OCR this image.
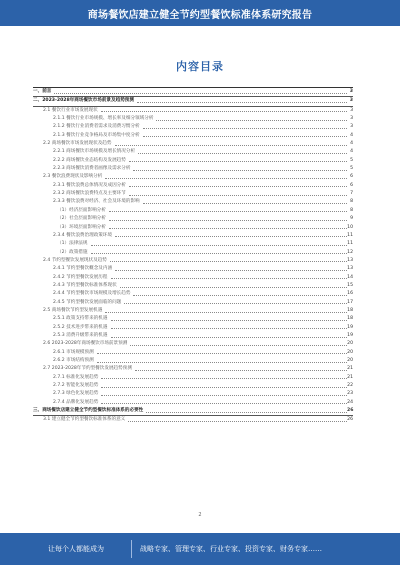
商场餐饮店建立健全节约型餐饮标准体系研究报告
内容目录
一、前言	3
二、2023-2028年商场餐饮市场前景及趋势预测	3
2.1 餐饮行业市场发展现状	3
2.1.1 餐饮行业市场规模、增长率及细分领域分析	3
2.1.2 餐饮行业消费者需求及消费习惯分析	3
2.1.3 餐饮行业竞争格局及市场集中度分析	4
2.2 商场餐饮市场发展现状及趋势	4
2.2.1 商场餐饮市场规模及增长情况分析	4
2.2.2 商场餐饮业态结构及发展趋势	5
2.2.3 商场餐饮消费者画像及需求分析	5
2.3 餐饮浪费现状及影响分析	6
2.3.1 餐饮浪费总体情况及成因分析	6
2.3.2 商场餐饮浪费特点及主要环节	7
2.3.3 餐饮浪费对经济、社会及环境的影响	8
（1）经济层面影响分析	8
（2）社会层面影响分析	9
（3）环境层面影响分析	10
2.3.4 餐饮浪费治理政策环境	11
（1）法律法规	11
（2）政策措施	12
2.4 节约型餐饮发展现状及趋势	13
2.4.1 节约型餐饮概念及内涵	13
2.4.2 节约型餐饮发展历程	14
2.4.3 节约型餐饮标准体系现状	15
2.4.4 节约型餐饮市场规模及增长趋势	16
2.4.5 节约型餐饮发展面临的问题	17
2.5 商场餐饮节约型发展机遇	18
2.5.1 政策支持带来的机遇	18
2.5.2 技术进步带来的机遇	19
2.5.3 消费升级带来的机遇	19
2.6 2023-2028年商场餐饮市场前景预测	20
2.6.1 市场规模预测	20
2.6.2 市场结构预测	20
2.7 2023-2028年节约型餐饮发展趋势预测	21
2.7.1 标准化发展趋势	21
2.7.2 智能化发展趋势	22
2.7.3 绿色化发展趋势	23
2.7.4 品牌化发展趋势	24
三、商场餐饮店建立健全节约型餐饮标准体系的必要性	26
3.1 建立健全节约型餐饮标准体系的意义	26
2
让每个人都能成为	战略专家、管理专家、行业专家、投资专家、财务专家……
